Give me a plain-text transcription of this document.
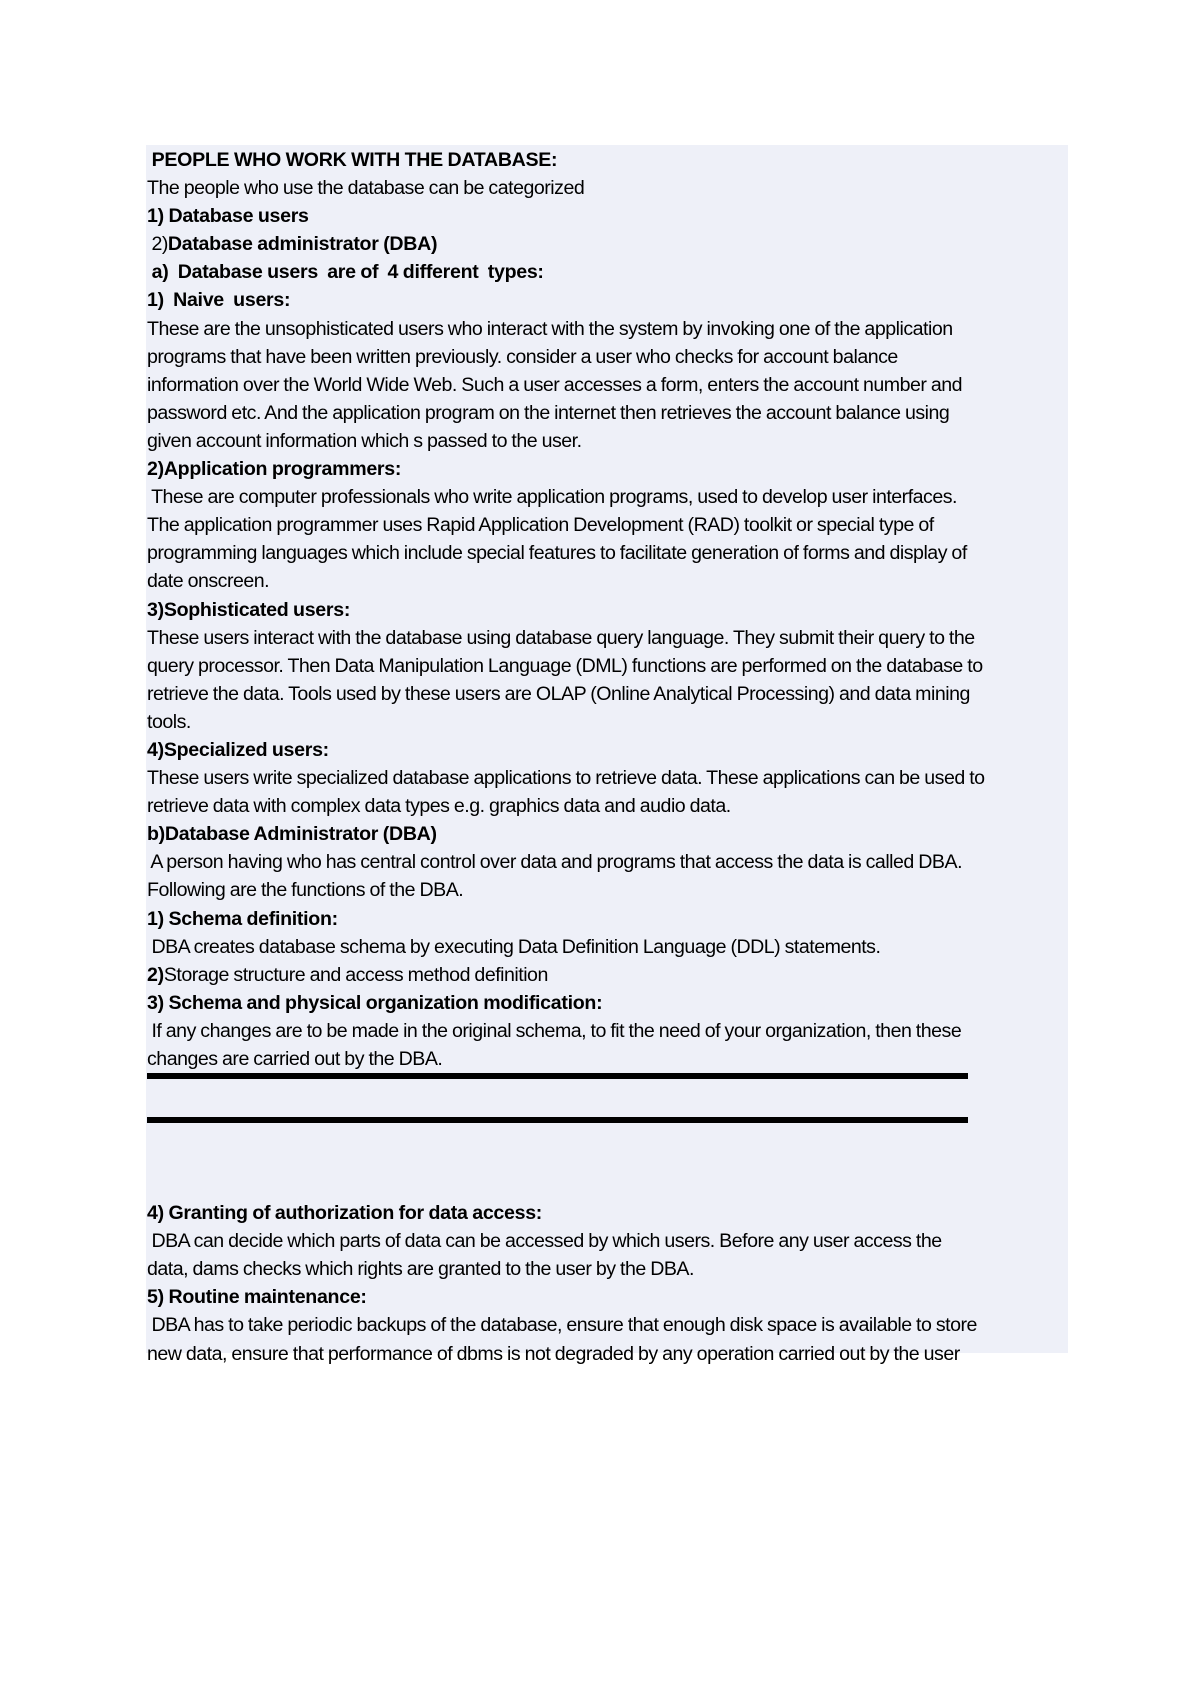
PEOPLE WHO WORK WITH THE DATABASE:
The people who use the database can be categorized
1) Database users
2)Database administrator (DBA)
a)  Database users  are of  4 different  types:
1)  Naive  users:
These are the unsophisticated users who interact with the system by invoking one of the application
programs that have been written previously. consider a user who checks for account balance
information over the World Wide Web. Such a user accesses a form, enters the account number and
password etc. And the application program on the internet then retrieves the account balance using
given account information which s passed to the user.
2)Application programmers:
These are computer professionals who write application programs, used to develop user interfaces.
The application programmer uses Rapid Application Development (RAD) toolkit or special type of
programming languages which include special features to facilitate generation of forms and display of
date onscreen.
3)Sophisticated users:
These users interact with the database using database query language. They submit their query to the
query processor. Then Data Manipulation Language (DML) functions are performed on the database to
retrieve the data. Tools used by these users are OLAP (Online Analytical Processing) and data mining
tools.
4)Specialized users:
These users write specialized database applications to retrieve data. These applications can be used to
retrieve data with complex data types e.g. graphics data and audio data.
b)Database Administrator (DBA)
A person having who has central control over data and programs that access the data is called DBA.
Following are the functions of the DBA.
1) Schema definition:
DBA creates database schema by executing Data Definition Language (DDL) statements.
2)Storage structure and access method definition
3) Schema and physical organization modification:
If any changes are to be made in the original schema, to fit the need of your organization, then these
changes are carried out by the DBA.
4) Granting of authorization for data access:
DBA can decide which parts of data can be accessed by which users. Before any user access the
data, dams checks which rights are granted to the user by the DBA.
5) Routine maintenance:
DBA has to take periodic backups of the database, ensure that enough disk space is available to store
new data, ensure that performance of dbms is not degraded by any operation carried out by the user
